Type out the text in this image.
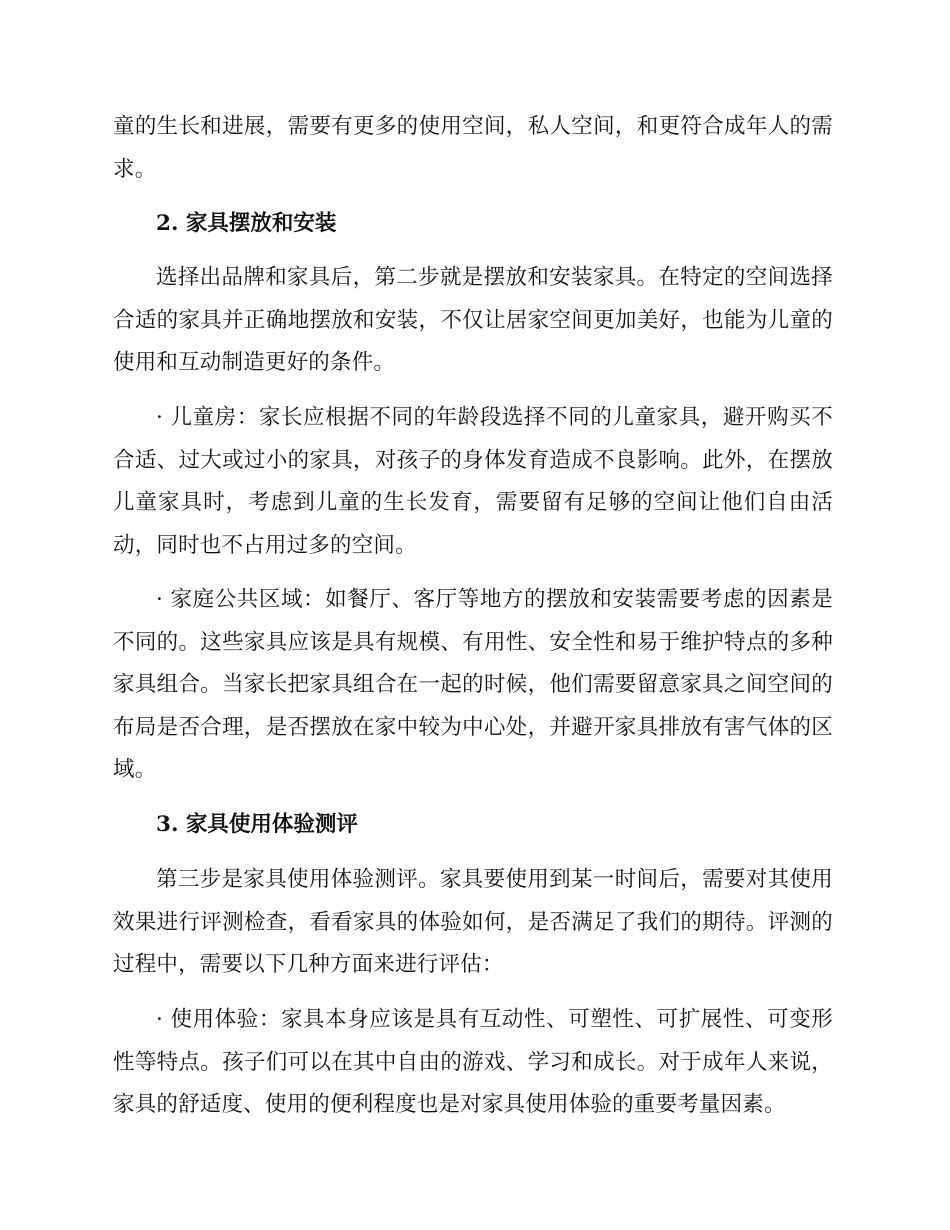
童的生长和进展，需要有更多的使用空间，私人空间，和更符合成年人的需求。

2. 家具摆放和安装

选择出品牌和家具后，第二步就是摆放和安装家具。在特定的空间选择合适的家具并正确地摆放和安装，不仅让居家空间更加美好，也能为儿童的使用和互动制造更好的条件。

· 儿童房：家长应根据不同的年龄段选择不同的儿童家具，避开购买不合适、过大或过小的家具，对孩子的身体发育造成不良影响。此外，在摆放儿童家具时，考虑到儿童的生长发育，需要留有足够的空间让他们自由活动，同时也不占用过多的空间。

· 家庭公共区域：如餐厅、客厅等地方的摆放和安装需要考虑的因素是不同的。这些家具应该是具有规模、有用性、安全性和易于维护特点的多种家具组合。当家长把家具组合在一起的时候，他们需要留意家具之间空间的布局是否合理，是否摆放在家中较为中心处，并避开家具排放有害气体的区域。

3. 家具使用体验测评

第三步是家具使用体验测评。家具要使用到某一时间后，需要对其使用效果进行评测检查，看看家具的体验如何，是否满足了我们的期待。评测的过程中，需要以下几种方面来进行评估：

· 使用体验：家具本身应该是具有互动性、可塑性、可扩展性、可变形性等特点。孩子们可以在其中自由的游戏、学习和成长。对于成年人来说，家具的舒适度、使用的便利程度也是对家具使用体验的重要考量因素。
